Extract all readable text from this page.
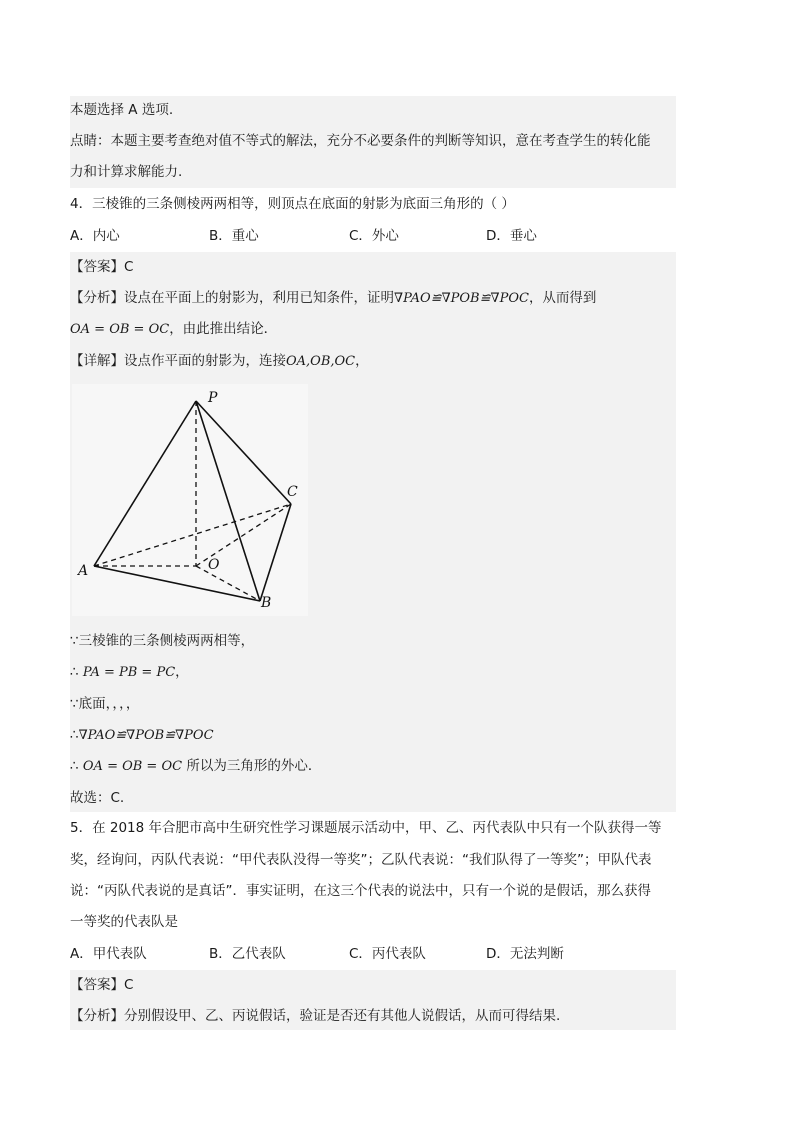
本题选择 A 选项.
点睛：本题主要考查绝对值不等式的解法，充分不必要条件的判断等知识，意在考查学生的转化能
力和计算求解能力.
4．三棱锥的三条侧棱两两相等，则顶点在底面的射影为底面三角形的（ ）
A．内心	B．重心	C．外心	D．垂心
【答案】C
【分析】设点在平面上的射影为，利用已知条件，证明∇PAO≌∇POB≌∇POC，从而得到
OA = OB = OC，由此推出结论．
【详解】设点作平面的射影为，连接OA,OB,OC，
P
A
B
C
O
∵三棱锥的三条侧棱两两相等，
∴ PA = PB = PC，
∵底面，，，，
∴∇PAO≌∇POB≌∇POC
∴ OA = OB = OC 所以为三角形的外心．
故选：C.
5．在 2018 年合肥市高中生研究性学习课题展示活动中，甲、乙、丙代表队中只有一个队获得一等
奖，经询问，丙队代表说：“甲代表队没得一等奖”；乙队代表说：“我们队得了一等奖”；甲队代表
说：“丙队代表说的是真话”．事实证明，在这三个代表的说法中，只有一个说的是假话，那么获得
一等奖的代表队是
A．甲代表队	B．乙代表队	C．丙代表队	D．无法判断
【答案】C
【分析】分别假设甲、乙、丙说假话，验证是否还有其他人说假话，从而可得结果.
